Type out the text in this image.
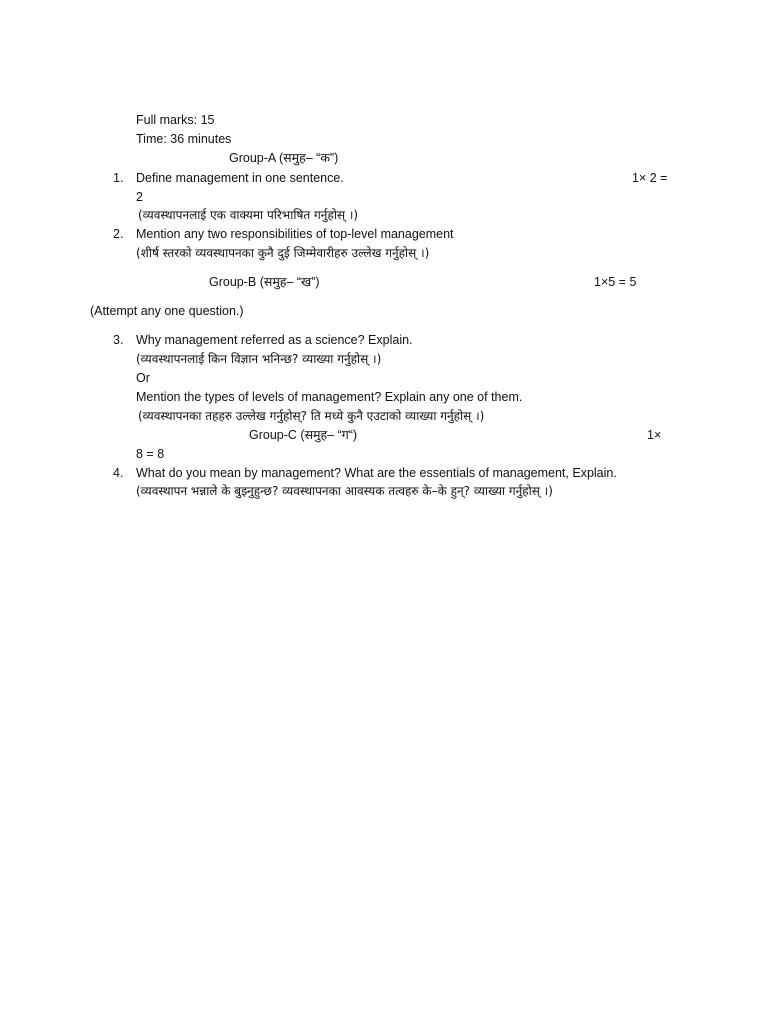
Full marks: 15
Time: 36 minutes
Group-A (समुह– “क”)
1. Define management in one sentence.	1× 2 =
2
(व्यवस्थापनलाई एक वाक्यमा परिभाषित गर्नुहोस् ।)
2. Mention any two responsibilities of top-level management
(शीर्ष स्तरको व्यवस्थापनका कुनै दुई जिम्मेवारीहरु उल्लेख गर्नुहोस् ।)
Group-B (समुह– “ख”)	1×5 = 5
(Attempt any one question.)
3. Why management referred as a science? Explain.
(व्यवस्थापनलाई किन विज्ञान भनिन्छ? व्याख्या गर्नुहोस् ।)
Or
Mention the types of levels of management? Explain any one of them.
(व्यवस्थापनका तहहरु उल्लेख गर्नुहोस्? ति मध्ये कुनै एउटाको व्याख्या गर्नुहोस् ।)
Group-C (समुह– “ग“)	1×
8 = 8
4. What do you mean by management? What are the essentials of management, Explain.
(व्यवस्थापन भन्नाले के बुझ्नुहुन्छ? व्यवस्थापनका आवस्यक तत्वहरु के–के हुन्? व्याख्या गर्नुहोस् ।)
